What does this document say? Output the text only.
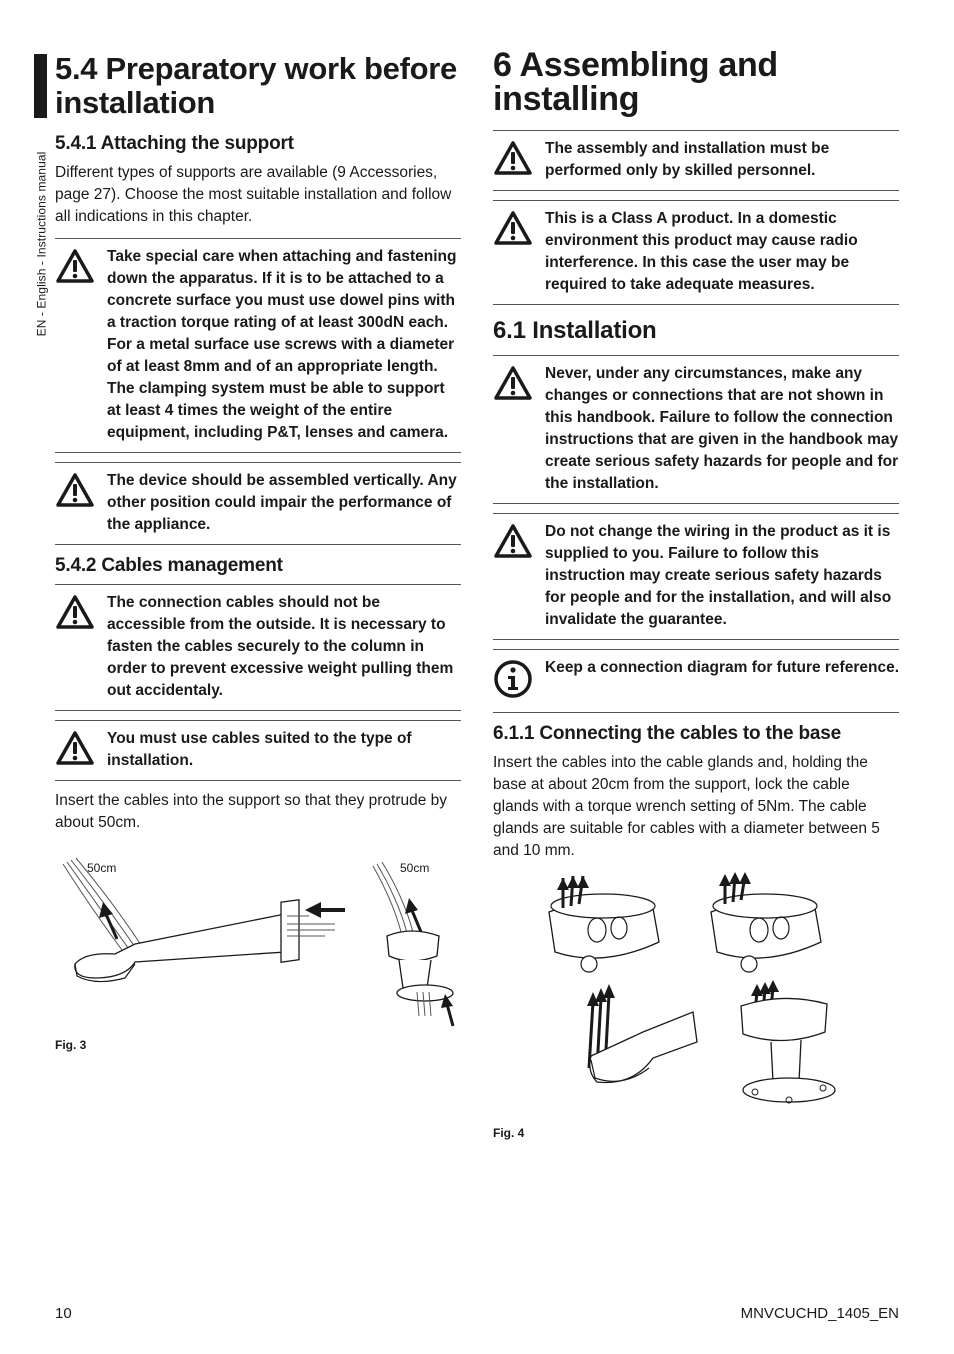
EN - English - Instructions manual
5.4 Preparatory work before installation
5.4.1 Attaching the support

Different types of supports are available (9 Accessories, page 27). Choose the most suitable installation and follow all indications in this chapter.

Take special care when attaching and fastening down the apparatus. If it is to be attached to a concrete surface you must use dowel pins with a traction torque rating of at least 300dN each. For a metal surface use screws with a diameter of at least 8mm and of an appropriate length. The clamping system must be able to support at least 4 times the weight of the entire equipment, including P&T, lenses and camera.
The device should be assembled vertically. Any other position could impair the performance of the appliance.
5.4.2 Cables management
The connection cables should not be accessible from the outside. It is necessary to fasten the cables securely to the column in order to prevent excessive weight pulling them out accidentaly.
You must use cables suited to the type of installation.

Insert the cables into the support so that they protrude by about 50cm.

50cm	50cm
Fig. 3
6 Assembling and installing
The assembly and installation must be performed only by skilled personnel.
This is a Class A product. In a domestic environment this product may cause radio interference. In this case the user may be required to take adequate measures.
6.1 Installation
Never, under any circumstances, make any changes or connections that are not shown in this handbook. Failure to follow the connection instructions that are given in the handbook may create serious safety hazards for people and for the installation.
Do not change the wiring in the product as it is supplied to you. Failure to follow this instruction may create serious safety hazards for people and for the installation, and will also invalidate the guarantee.
Keep a connection diagram for future reference.
6.1.1 Connecting the cables to the base

Insert the cables into the cable glands and, holding the base at about 20cm from the support, lock the cable glands with a torque wrench setting of 5Nm. The cable glands are suitable for cables with a diameter between 5 and 10 mm.

Fig. 4
10	MNVCUCHD_1405_EN
